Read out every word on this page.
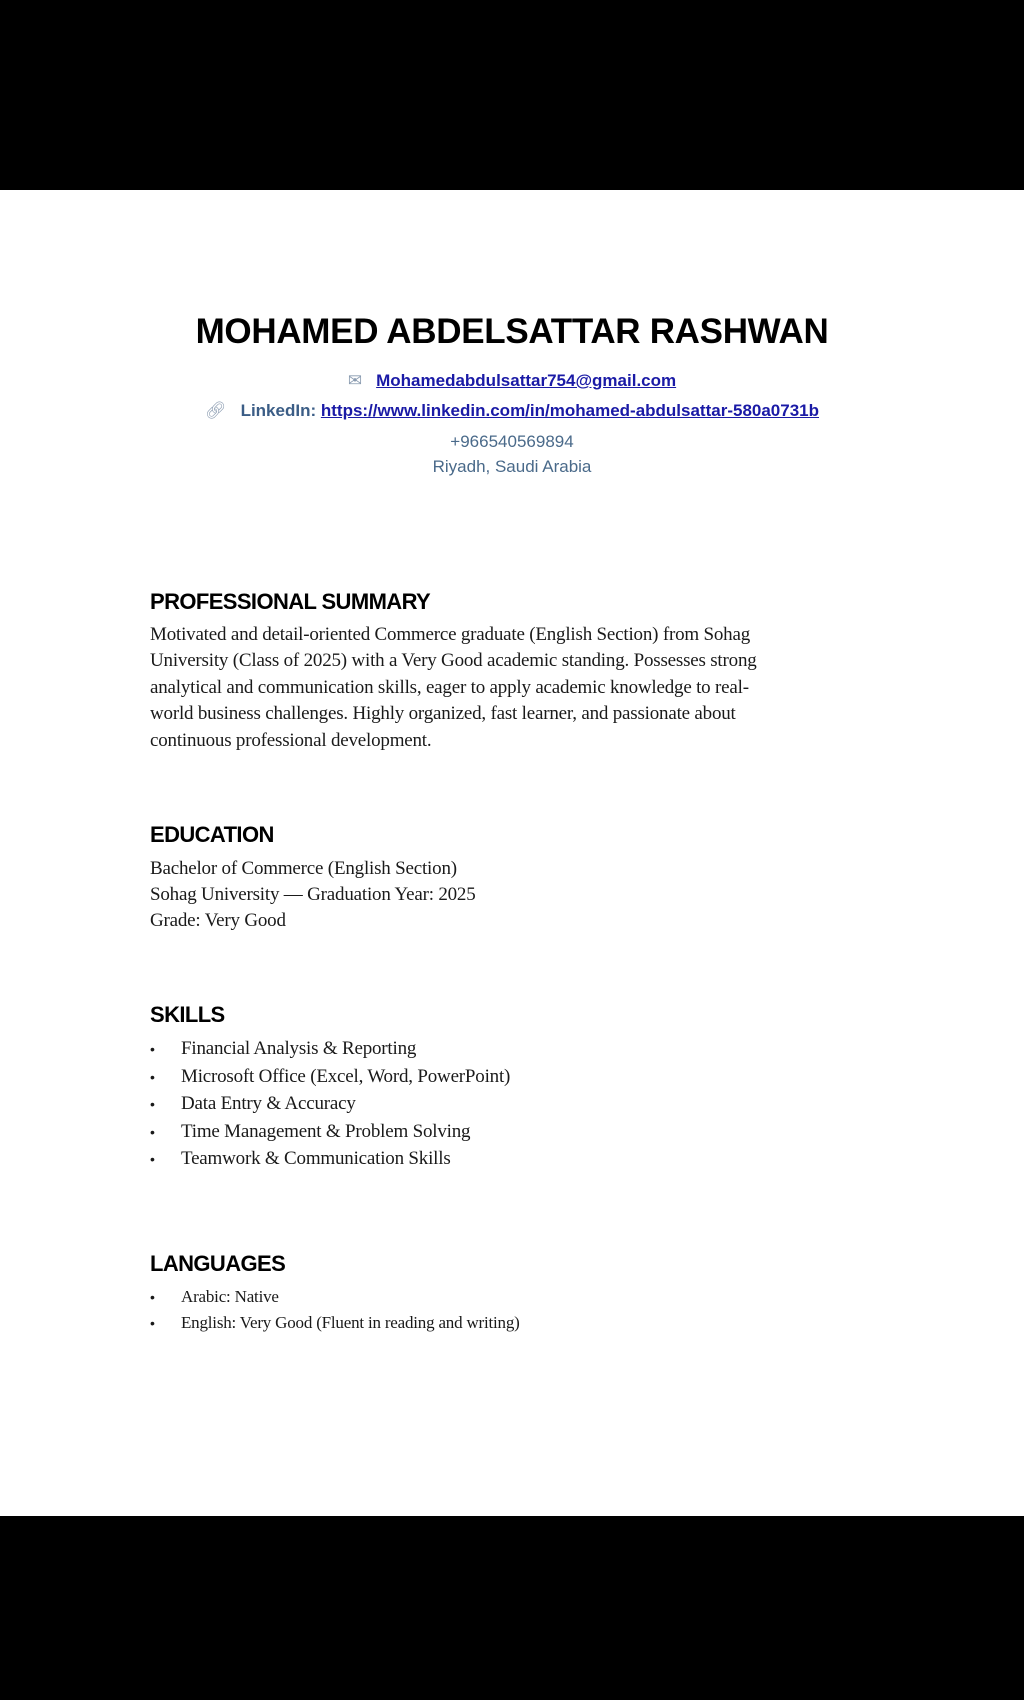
MOHAMED ABDELSATTAR RASHWAN
✉ Mohamedabdulsattar754@gmail.com
🔗︎ LinkedIn: https://www.linkedin.com/in/mohamed-abdulsattar-580a0731b
+966540569894
Riyadh, Saudi Arabia
PROFESSIONAL SUMMARY
Motivated and detail-oriented Commerce graduate (English Section) from Sohag
University (Class of 2025) with a Very Good academic standing. Possesses strong
analytical and communication skills, eager to apply academic knowledge to real-
world business challenges. Highly organized, fast learner, and passionate about
continuous professional development.
EDUCATION
Bachelor of Commerce (English Section)
Sohag University — Graduation Year: 2025
Grade: Very Good
SKILLS
• Financial Analysis & Reporting
• Microsoft Office (Excel, Word, PowerPoint)
• Data Entry & Accuracy
• Time Management & Problem Solving
• Teamwork & Communication Skills
LANGUAGES
• Arabic: Native
• English: Very Good (Fluent in reading and writing)
